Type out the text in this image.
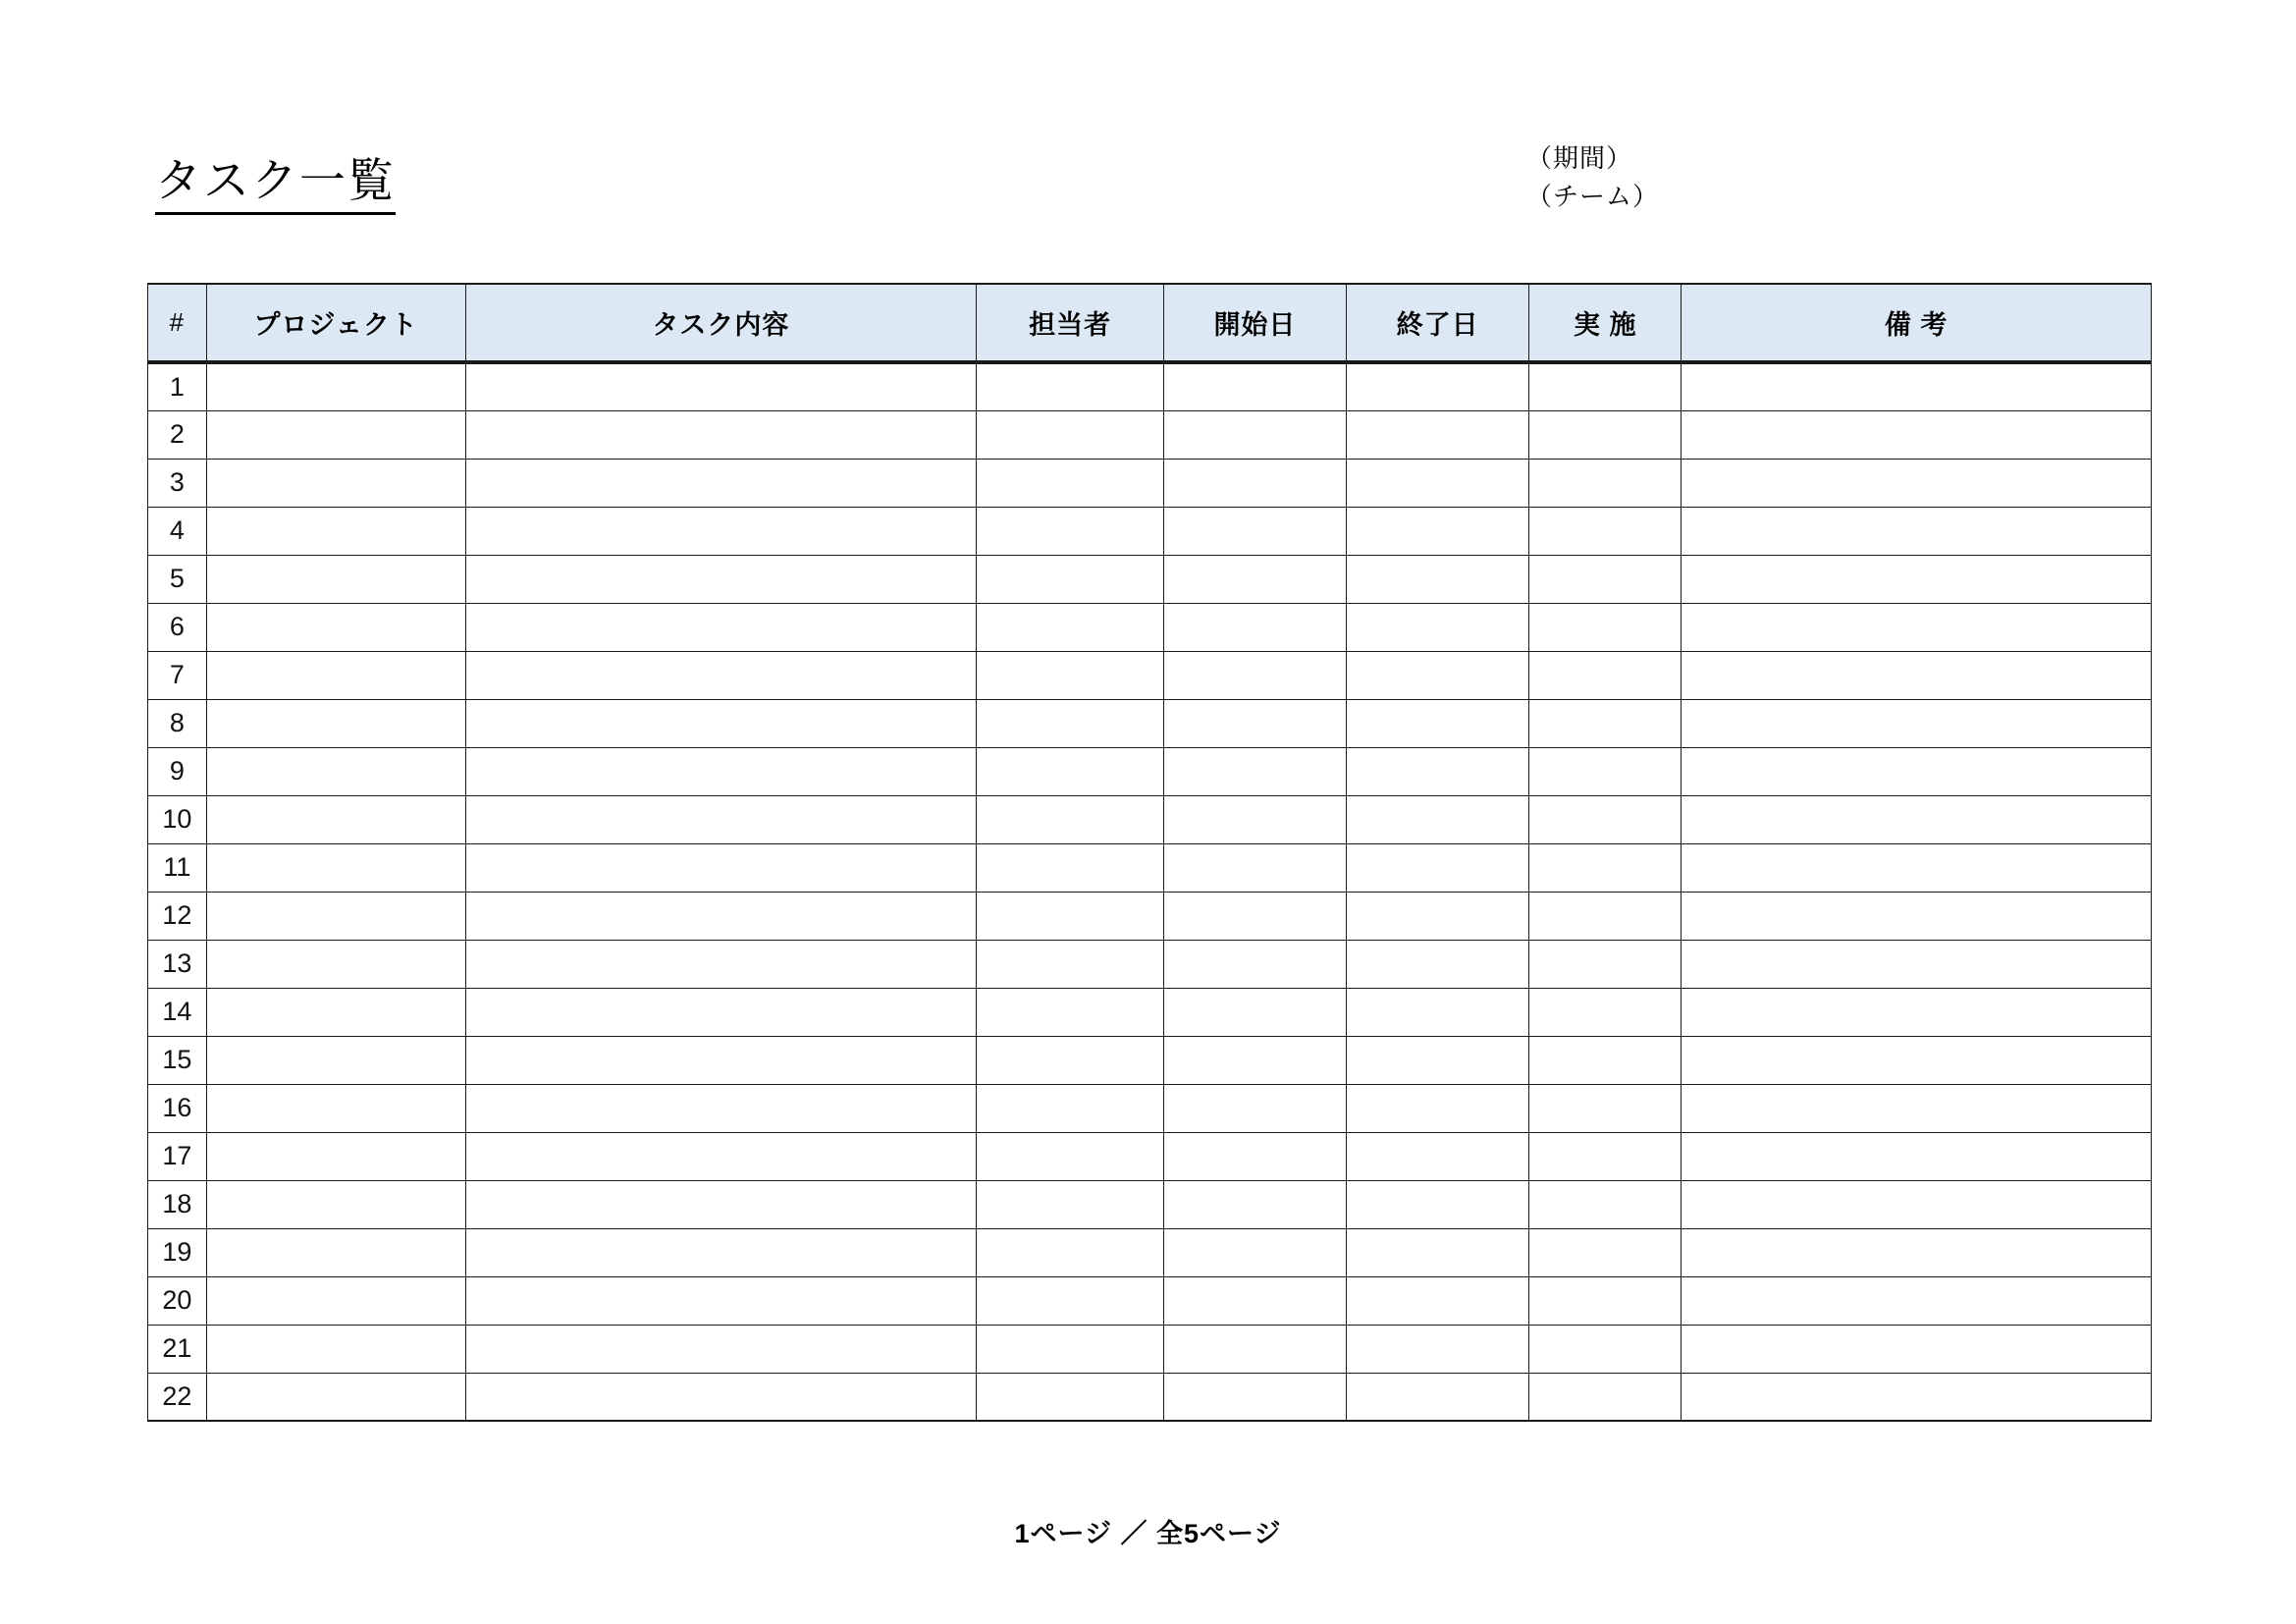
タスク一覧	（期間）
（チーム）
#	プロジェクト	タスク内容	担当者	開始日	終了日	実 施	備 考
1							
2							
3							
4							
5							
6							
7							
8							
9							
10							
11							
12							
13							
14							
15							
16							
17							
18							
19							
20							
21							
22							
1ページ ／ 全5ページ
